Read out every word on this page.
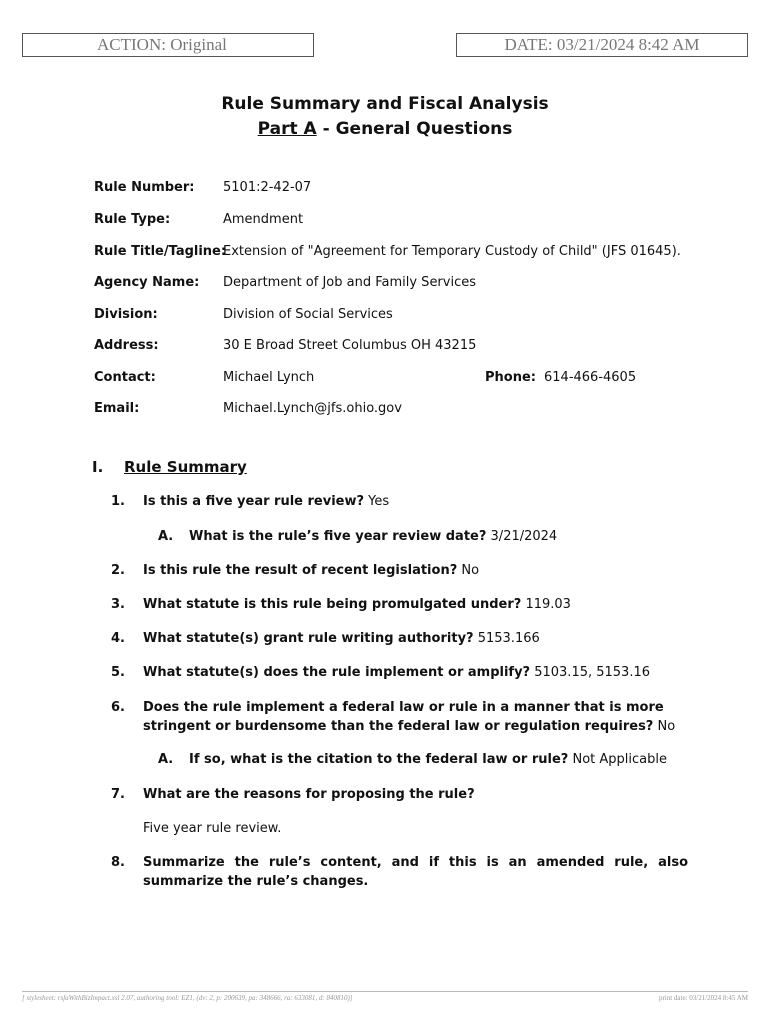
ACTION: Original	DATE: 03/21/2024 8:42 AM
Rule Summary and Fiscal Analysis
Part A - General Questions
Rule Number: 5101:2-42-07
Rule Type:	Amendment
Rule Title/Tagline:
Extension of "Agreement for Temporary Custody of Child" (JFS 01645).
Agency Name: Department of Job and Family Services
Division:	Division of Social Services
Address:	30 E Broad Street Columbus OH 43215
Contact:	Michael Lynch	Phone: 614-466-4605
Email:	Michael.Lynch@jfs.ohio.gov
I. Rule Summary
1. Is this a five year rule review? Yes
A. What is the rule’s five year review date? 3/21/2024
2. Is this rule the result of recent legislation? No
3. What statute is this rule being promulgated under? 119.03
4. What statute(s) grant rule writing authority? 5153.166
5. What statute(s) does the rule implement or amplify? 5103.15, 5153.16
6. Does the rule implement a federal law or rule in a manner that is more stringent or burdensome than the federal law or regulation requires? No
A. If so, what is the citation to the federal law or rule? Not Applicable
7. What are the reasons for proposing the rule?
Five year rule review.
8. Summarize the rule’s content, and if this is an amended rule, also summarize the rule’s changes.
[ stylesheet: rsfaWithBizImpact.xsl 2.07, authoring tool: EZ1, (dv: 2, p: 200639, pa: 348666, ra: 633081, d: 840810)]	print date: 03/21/2024 8:45 AM
